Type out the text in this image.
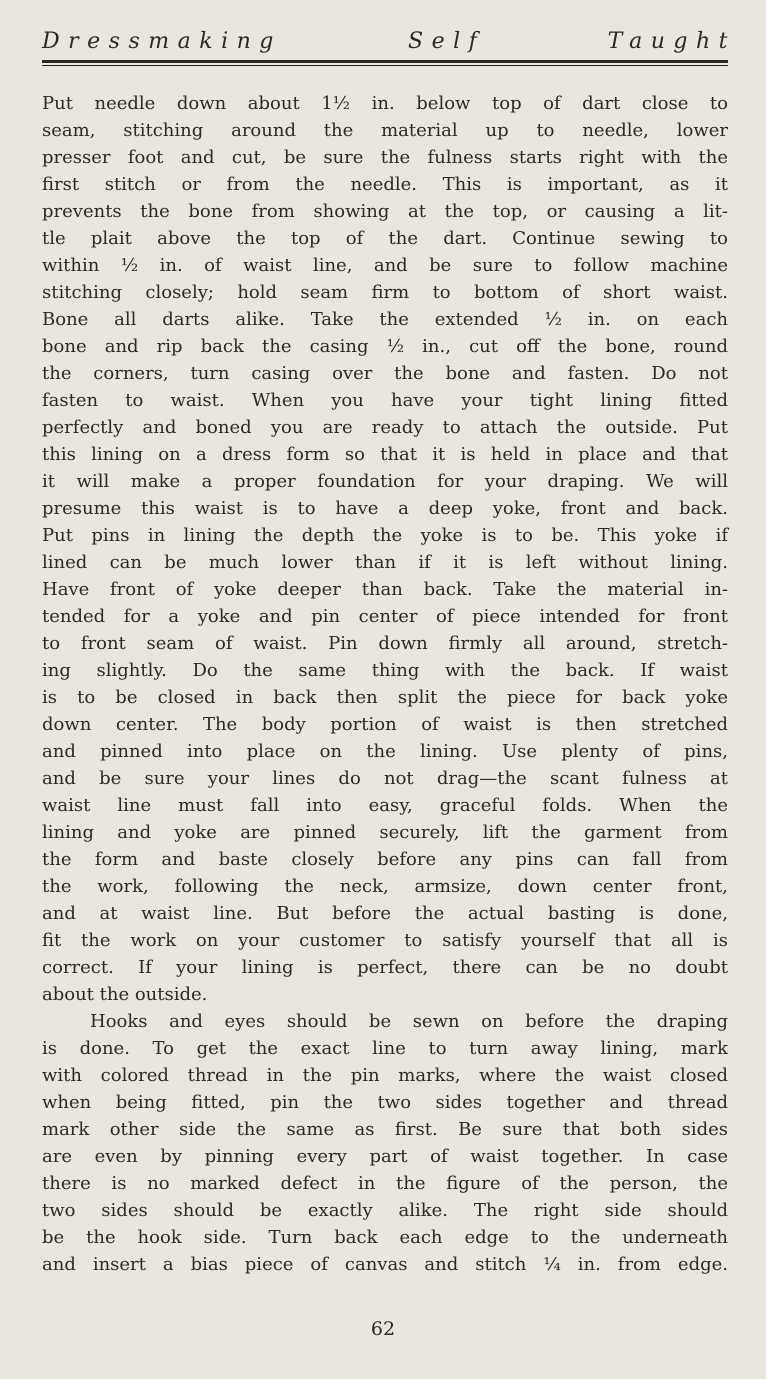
Dressmaking	Self	Taught
Put needle down about 1½ in. below top of dart close to
seam, stitching around the material up to needle, lower
presser foot and cut, be sure the fulness starts right with the
first stitch or from the needle. This is important, as it
prevents the bone from showing at the top, or causing a lit-
tle plait above the top of the dart. Continue sewing to
within ½ in. of waist line, and be sure to follow machine
stitching closely; hold seam firm to bottom of short waist.
Bone all darts alike. Take the extended ½ in. on each
bone and rip back the casing ½ in., cut off the bone, round
the corners, turn casing over the bone and fasten. Do not
fasten to waist. When you have your tight lining fitted
perfectly and boned you are ready to attach the outside. Put
this lining on a dress form so that it is held in place and that
it will make a proper foundation for your draping. We will
presume this waist is to have a deep yoke, front and back.
Put pins in lining the depth the yoke is to be. This yoke if
lined can be much lower than if it is left without lining.
Have front of yoke deeper than back. Take the material in-
tended for a yoke and pin center of piece intended for front
to front seam of waist. Pin down firmly all around, stretch-
ing slightly. Do the same thing with the back. If waist
is to be closed in back then split the piece for back yoke
down center. The body portion of waist is then stretched
and pinned into place on the lining. Use plenty of pins,
and be sure your lines do not drag—the scant fulness at
waist line must fall into easy, graceful folds. When the
lining and yoke are pinned securely, lift the garment from
the form and baste closely before any pins can fall from
the work, following the neck, armsize, down center front,
and at waist line. But before the actual basting is done,
fit the work on your customer to satisfy yourself that all is
correct. If your lining is perfect, there can be no doubt
about the outside.
Hooks and eyes should be sewn on before the draping
is done. To get the exact line to turn away lining, mark
with colored thread in the pin marks, where the waist closed
when being fitted, pin the two sides together and thread
mark other side the same as first. Be sure that both sides
are even by pinning every part of waist together. In case
there is no marked defect in the figure of the person, the
two sides should be exactly alike. The right side should
be the hook side. Turn back each edge to the underneath
and insert a bias piece of canvas and stitch ¼ in. from edge.
62
